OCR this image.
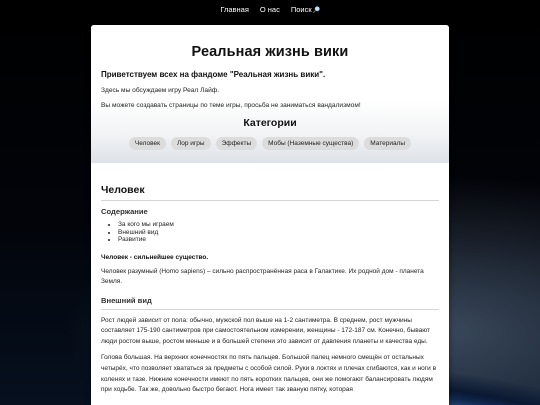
Главная О нас Поиск
Реальная жизнь вики

Приветствуем всех на фандоме "Реальная жизнь вики".

Здесь мы обсуждаем игру Реал Лайф.

Вы можете создавать страницы по теме игры, просьба не заниматься вандализмом!

Категории
Человек	Лор игры	Эффекты	Мобы (Наземные существа)	Материалы
Человек
Содержание
• За кого мы играем
• Внешний вид
• Развитие

Человек - сильнейшее существо.

Человек разумный (Homo sapiens) – сильно распространённая раса в Галактике. Их родной дом - планета Земля.

Внешний вид

Рост людей зависит от пола: обычно, мужской пол выше на 1-2 сантиметра. В среднем, рост мужчины составляет 175-190 сантиметров при самостоятельном измерении, женщины - 172-187 см. Конечно, бывают люди ростом выше, ростом меньше и в большей степени это зависит от давления планеты и качества еды.

Голова большая. На верхних конечностях по пять пальцев. Большой палец немного смещён от остальных четырёх, что позволяет хвататься за предметы с особой силой. Руки в локтях и плечах сгибаются, как и ноги в коленях и тазе. Нижние конечности имеют по пять коротких пальцев, они же помогают балансировать людям при ходьбе. Так же, довольно быстро бегают. Нога имеет так званую пятку, которая
